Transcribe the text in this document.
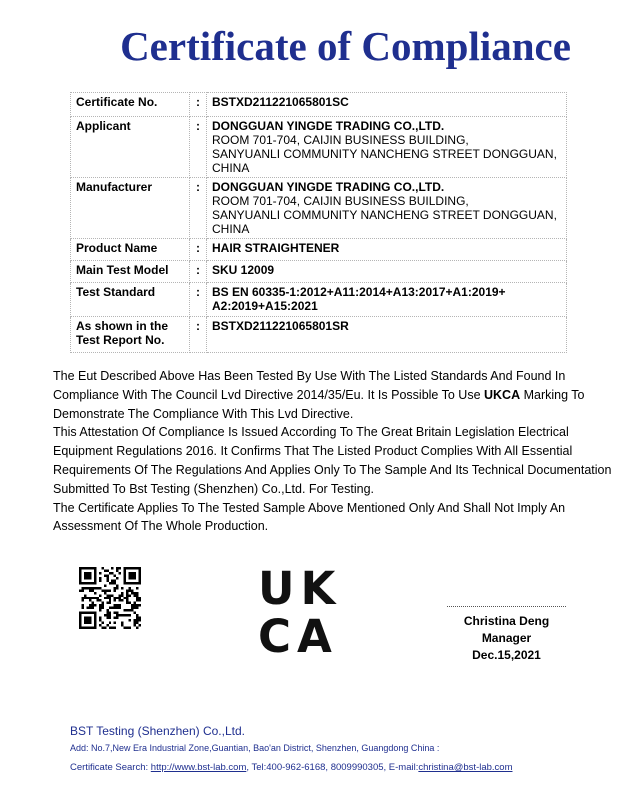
Certificate of Compliance
Certificate No.	:	BSTXD211221065801SC

Applicant	:	DONGGUAN YINGDE TRADING CO.,LTD.
ROOM 701-704, CAIJIN BUSINESS BUILDING,
SANYUANLI COMMUNITY NANCHENG STREET DONGGUAN,
CHINA

Manufacturer	:	DONGGUAN YINGDE TRADING CO.,LTD.
ROOM 701-704, CAIJIN BUSINESS BUILDING,
SANYUANLI COMMUNITY NANCHENG STREET DONGGUAN,
CHINA

Product Name	:	HAIR STRAIGHTENER

Main Test Model	:	SKU 12009

Test Standard	:	BS EN 60335-1:2012+A11:2014+A13:2017+A1:2019+
A2:2019+A15:2021

As shown in the
Test Report No.	:	BSTXD211221065801SR

The Eut Described Above Has Been Tested By Use With The Listed Standards And Found In Compliance With The Council Lvd Directive 2014/35/Eu. It Is Possible To Use UKCA Marking To Demonstrate The Compliance With This Lvd Directive.

This Attestation Of Compliance Is Issued According To The Great Britain Legislation Electrical Equipment Regulations 2016. It Confirms That The Listed Product Complies With All Essential Requirements Of The Regulations And Applies Only To The Sample And Its Technical Documentation Submitted To Bst Testing (Shenzhen) Co.,Ltd. For Testing.

The Certificate Applies To The Tested Sample Above Mentioned Only And Shall Not Imply An Assessment Of The Whole Production.

UK
CA	Christina Deng
Manager
Dec.15,2021
BST Testing (Shenzhen) Co.,Ltd.
Add: No.7,New Era Industrial Zone,Guantian, Bao'an District, Shenzhen, Guangdong China :
Certificate Search: http://www.bst-lab.com, Tel:400-962-6168, 8009990305, E-mail:christina@bst-lab.com
